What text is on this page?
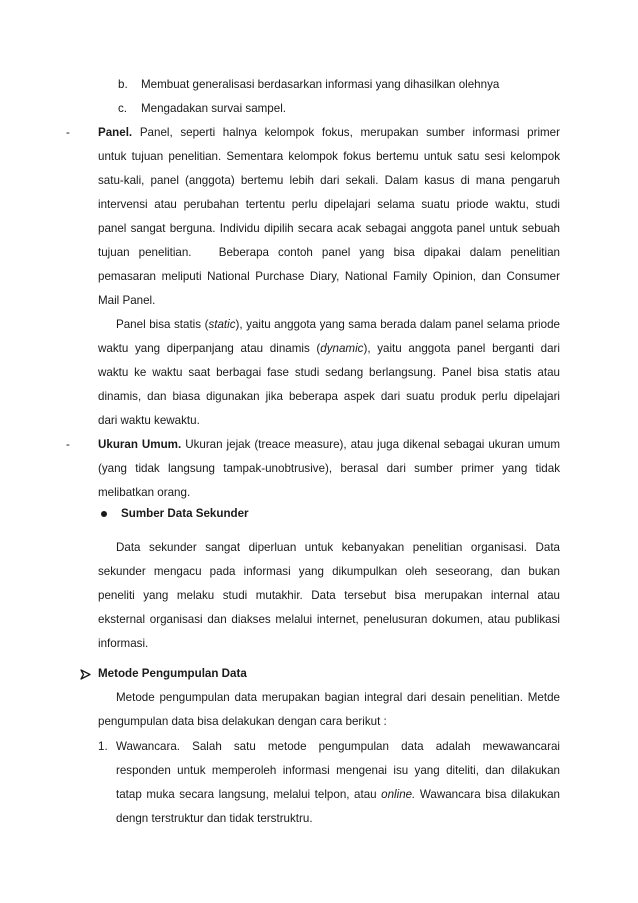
b. Membuat generalisasi berdasarkan informasi yang dihasilkan olehnya
c. Mengadakan survai sampel.
- Panel. Panel, seperti halnya kelompok fokus, merupakan sumber informasi primer
untuk tujuan penelitian. Sementara kelompok fokus bertemu untuk satu sesi kelompok
satu-kali, panel (anggota) bertemu lebih dari sekali. Dalam kasus di mana pengaruh
intervensi atau perubahan tertentu perlu dipelajari selama suatu priode waktu, studi
panel sangat berguna. Individu dipilih secara acak sebagai anggota panel untuk sebuah
tujuan penelitian.   Beberapa contoh panel yang bisa dipakai dalam penelitian
pemasaran meliputi National Purchase Diary, National Family Opinion, dan Consumer
Mail Panel.
Panel bisa statis (static), yaitu anggota yang sama berada dalam panel selama priode
waktu yang diperpanjang atau dinamis (dynamic), yaitu anggota panel berganti dari
waktu ke waktu saat berbagai fase studi sedang berlangsung. Panel bisa statis atau
dinamis, dan biasa digunakan jika beberapa aspek dari suatu produk perlu dipelajari
dari waktu kewaktu.
- Ukuran Umum. Ukuran jejak (treace measure), atau juga dikenal sebagai ukuran umum
(yang tidak langsung tampak-unobtrusive), berasal dari sumber primer yang tidak
melibatkan orang.
Sumber Data Sekunder
Data sekunder sangat diperluan untuk kebanyakan penelitian organisasi. Data
sekunder mengacu pada informasi yang dikumpulkan oleh seseorang, dan bukan
peneliti yang melaku studi mutakhir. Data tersebut bisa merupakan internal atau
eksternal organisasi dan diakses melalui internet, penelusuran dokumen, atau publikasi
informasi.
Metode Pengumpulan Data
Metode pengumpulan data merupakan bagian integral dari desain penelitian. Metde
pengumpulan data bisa delakukan dengan cara berikut :
1. Wawancara. Salah satu metode pengumpulan data adalah mewawancarai
responden untuk memperoleh informasi mengenai isu yang diteliti, dan dilakukan
tatap muka secara langsung, melalui telpon, atau online. Wawancara bisa dilakukan
dengn terstruktur dan tidak terstruktru.
